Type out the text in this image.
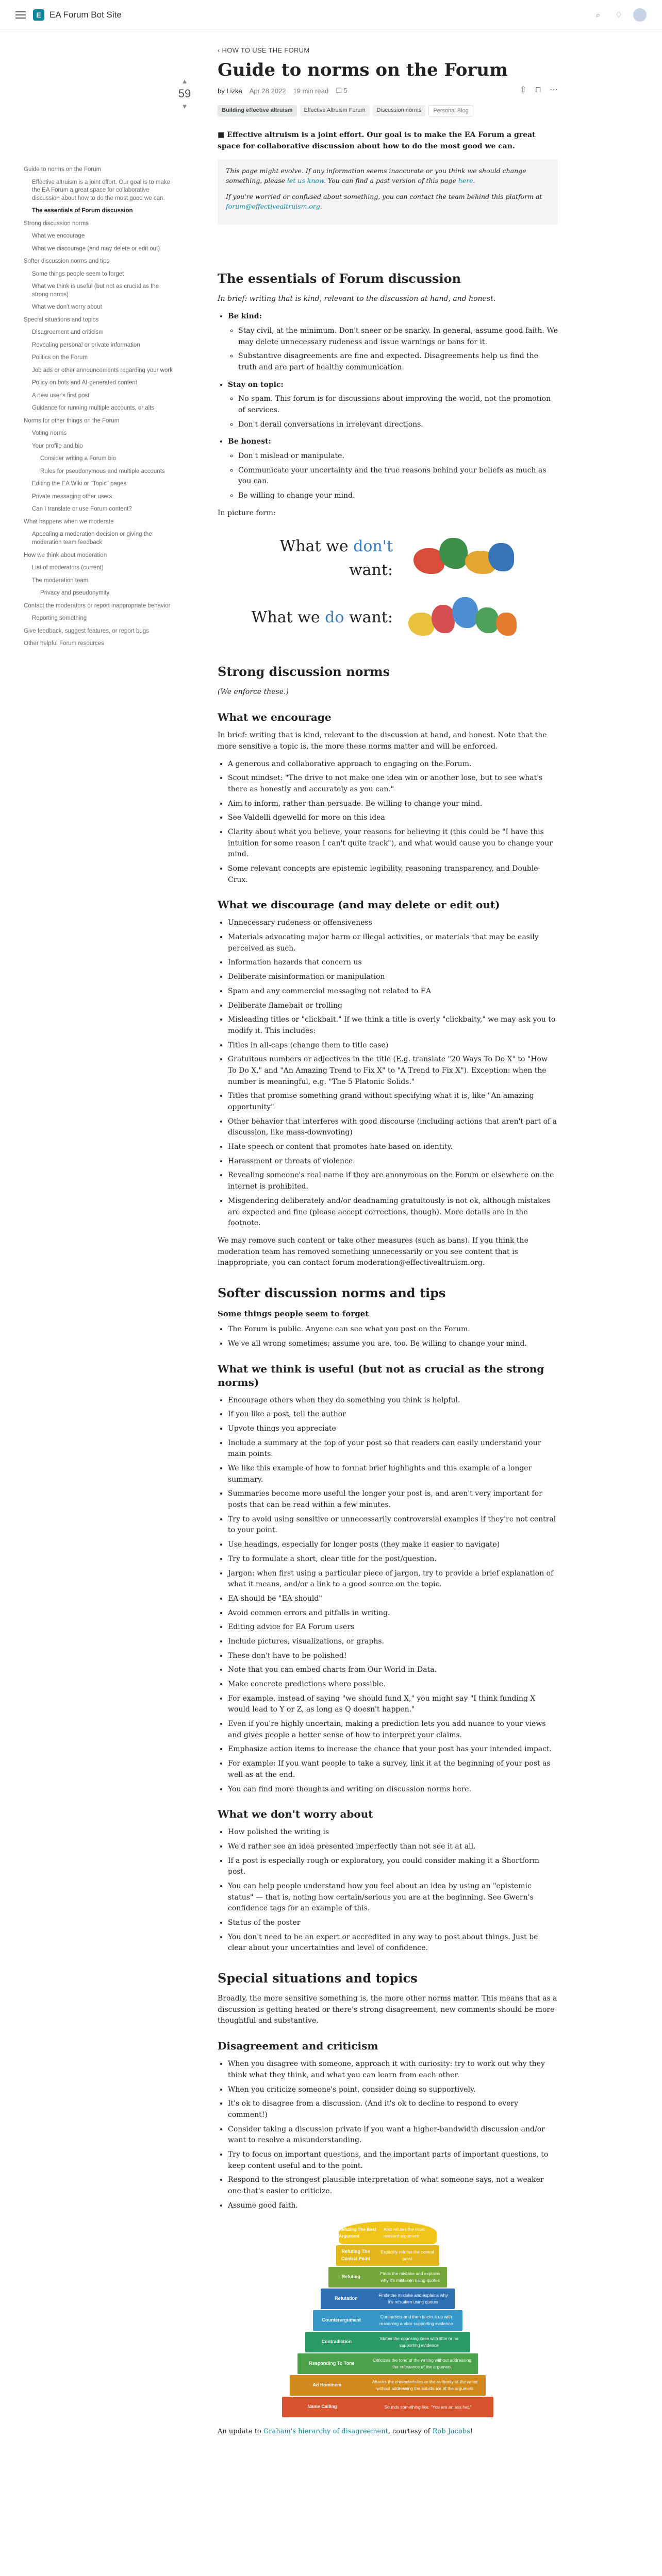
E EA Forum Bot Site	⌕	♢
Guide to norms on the Forum
Effective altruism is a joint effort. Our goal is to make the EA Forum a great space for collaborative discussion about how to do the most good we can.
The essentials of Forum discussion
Strong discussion norms
What we encourage
What we discourage (and may delete or edit out)
Softer discussion norms and tips
Some things people seem to forget
What we think is useful (but not as crucial as the strong norms)
What we don't worry about
Special situations and topics
Disagreement and criticism
Revealing personal or private information
Politics on the Forum
Job ads or other announcements regarding your work
Policy on bots and AI-generated content
A new user's first post
Guidance for running multiple accounts, or alts
Norms for other things on the Forum
Voting norms
Your profile and bio
Consider writing a Forum bio
Rules for pseudonymous and multiple accounts
Editing the EA Wiki or "Topic" pages
Private messaging other users
Can I translate or use Forum content?
What happens when we moderate
Appealing a moderation decision or giving the moderation team feedback
How we think about moderation
List of moderators (current)
The moderation team
Privacy and pseudonymity
Contact the moderators or report inappropriate behavior
Reporting something
Give feedback, suggest features, or report bugs
Other helpful Forum resources
▲
59
▼
‹ HOW TO USE THE FORUM
Guide to norms on the Forum
by Lizka Apr 28 2022 19 min read ☐ 5	⇧ ⊓ ⋯
Building effective altruism	Effective Altruism Forum	Discussion norms	Personal Blog

■ Effective altruism is a joint effort. Our goal is to make the EA Forum a great space for collaborative discussion about how to do the most good we can.

This page might evolve. If any information seems inaccurate or you think we should change something, please let us know. You can find a past version of this page here.

If you're worried or confused about something, you can contact the team behind this platform at forum@effectivealtruism.org.

The essentials of Forum discussion

In brief: writing that is kind, relevant to the discussion at hand, and honest.

• Be kind:
◦ Stay civil, at the minimum. Don't sneer or be snarky. In general, assume good faith. We may delete unnecessary rudeness and issue warnings or bans for it.
◦ Substantive disagreements are fine and expected. Disagreements help us find the truth and are part of healthy communication.
• Stay on topic:
◦ No spam. This forum is for discussions about improving the world, not the promotion of services.
◦ Don't derail conversations in irrelevant directions.
• Be honest:
◦ Don't mislead or manipulate.
◦ Communicate your uncertainty and the true reasons behind your beliefs as much as you can.
◦ Be willing to change your mind.

In picture form:

What we don't want:
What we do want:
Strong discussion norms

(We enforce these.)

What we encourage

In brief: writing that is kind, relevant to the discussion at hand, and honest. Note that the more sensitive a topic is, the more these norms matter and will be enforced.

• A generous and collaborative approach to engaging on the Forum.
• Scout mindset: "The drive to not make one idea win or another lose, but to see what's there as honestly and accurately as you can."
• Aim to inform, rather than persuade. Be willing to change your mind.
• See Valdelli dgewelld for more on this idea
• Clarity about what you believe, your reasons for believing it (this could be "I have this intuition for some reason I can't quite track"), and what would cause you to change your mind.
• Some relevant concepts are epistemic legibility, reasoning transparency, and Double-Crux.
What we discourage (and may delete or edit out)
• Unnecessary rudeness or offensiveness
• Materials advocating major harm or illegal activities, or materials that may be easily perceived as such.
• Information hazards that concern us
• Deliberate misinformation or manipulation
• Spam and any commercial messaging not related to EA
• Deliberate flamebait or trolling
• Misleading titles or "clickbait." If we think a title is overly "clickbaity," we may ask you to modify it. This includes:
• Titles in all-caps (change them to title case)
• Gratuitous numbers or adjectives in the title (E.g. translate "20 Ways To Do X" to "How To Do X," and "An Amazing Trend to Fix X" to "A Trend to Fix X"). Exception: when the number is meaningful, e.g. "The 5 Platonic Solids."
• Titles that promise something grand without specifying what it is, like "An amazing opportunity"
• Other behavior that interferes with good discourse (including actions that aren't part of a discussion, like mass-downvoting)
• Hate speech or content that promotes hate based on identity.
• Harassment or threats of violence.
• Revealing someone's real name if they are anonymous on the Forum or elsewhere on the internet is prohibited.
• Misgendering deliberately and/or deadnaming gratuitously is not ok, although mistakes are expected and fine (please accept corrections, though). More details are in the footnote.

We may remove such content or take other measures (such as bans). If you think the moderation team has removed something unnecessarily or you see content that is inappropriate, you can contact forum-moderation@effectivealtruism.org.

Softer discussion norms and tips
Some things people seem to forget
• The Forum is public. Anyone can see what you post on the Forum.
• We've all wrong sometimes; assume you are, too. Be willing to change your mind.
What we think is useful (but not as crucial as the strong norms)
• Encourage others when they do something you think is helpful.
• If you like a post, tell the author
• Upvote things you appreciate
• Include a summary at the top of your post so that readers can easily understand your main points.
• We like this example of how to format brief highlights and this example of a longer summary.
• Summaries become more useful the longer your post is, and aren't very important for posts that can be read within a few minutes.
• Try to avoid using sensitive or unnecessarily controversial examples if they're not central to your point.
• Use headings, especially for longer posts (they make it easier to navigate)
• Try to formulate a short, clear title for the post/question.
• Jargon: when first using a particular piece of jargon, try to provide a brief explanation of what it means, and/or a link to a good source on the topic.
• EA should be "EA should"
• Avoid common errors and pitfalls in writing.
• Editing advice for EA Forum users
• Include pictures, visualizations, or graphs.
• These don't have to be polished!
• Note that you can embed charts from Our World in Data.
• Make concrete predictions where possible.
• For example, instead of saying "we should fund X," you might say "I think funding X would lead to Y or Z, as long as Q doesn't happen."
• Even if you're highly uncertain, making a prediction lets you add nuance to your views and gives people a better sense of how to interpret your claims.
• Emphasize action items to increase the chance that your post has your intended impact.
• For example: If you want people to take a survey, link it at the beginning of your post as well as at the end.
• You can find more thoughts and writing on discussion norms here.
What we don't worry about
• How polished the writing is
• We'd rather see an idea presented imperfectly than not see it at all.
• If a post is especially rough or exploratory, you could consider making it a Shortform post.
• You can help people understand how you feel about an idea by using an "epistemic status" — that is, noting how certain/serious you are at the beginning. See Gwern's confidence tags for an example of this.
• Status of the poster
• You don't need to be an expert or accredited in any way to post about things. Just be clear about your uncertainties and level of confidence.
Special situations and topics

Broadly, the more sensitive something is, the more other norms matter. This means that as a discussion is getting heated or there's strong disagreement, new comments should be more thoughtful and substantive.

Disagreement and criticism
• When you disagree with someone, approach it with curiosity: try to work out why they think what they think, and what you can learn from each other.
• When you criticize someone's point, consider doing so supportively.
• It's ok to disagree from a discussion. (And it's ok to decline to respond to every comment!)
• Consider taking a discussion private if you want a higher-bandwidth discussion and/or want to resolve a misunderstanding.
• Try to focus on important questions, and the important parts of important questions, to keep content useful and to the point.
• Respond to the strongest plausible interpretation of what someone says, not a weaker one that's easier to criticize.
• Assume good faith.
Refuting The Best Argument
Also refutes the most relevant argument
Refuting The Central Point
Explicitly refutes the central point
Refuting
Finds the mistake and explains why it's mistaken using quotes
Refutation
Finds the mistake and explains why it's mistaken using quotes
Counterargument
Contradicts and then backs it up with reasoning and/or supporting evidence
Contradiction
States the opposing case with little or no supporting evidence
Responding To Tone
Criticizes the tone of the writing without addressing the substance of the argument
Ad Hominem
Attacks the characteristics or the authority of the writer without addressing the substance of the argument
Name Calling	Sounds something like: "You are an ass hat."

An update to Graham's hierarchy of disagreement, courtesy of Rob Jacobs!
